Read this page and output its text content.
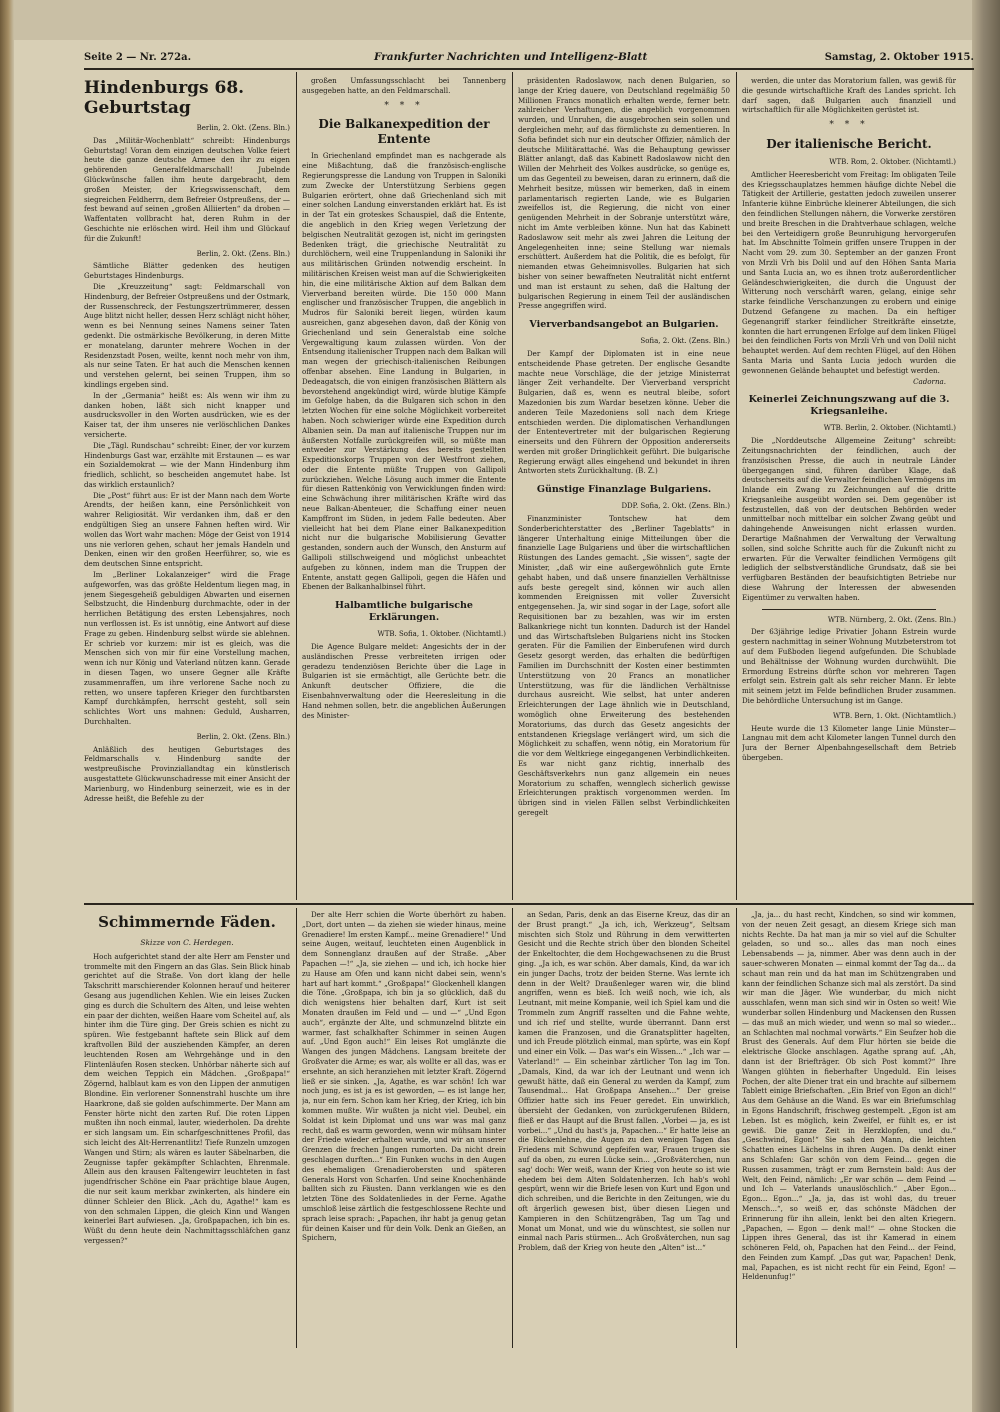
Seite 2 — Nr. 272a.	Frankfurter Nachrichten und Intelligenz-Blatt	Samstag, 2. Oktober 1915.
Hindenburgs 68. Geburtstag
Berlin, 2. Okt. (Zens. Bln.)

Das „Militär-Wochenblatt“ schreibt: Hindenburgs Geburtstag! Voran dem einzigen deutschen Volke feiert heute die ganze deutsche Armee den ihr zu eigen gehörenden Generalfeldmarschall! Jubelnde Glückwünsche fallen ihm heute dargebracht, dem großen Meister, der Kriegswissenschaft, dem siegreichen Feldherrn, dem Befreier Ostpreußens, der — fest bewand auf seinen „großen Alliierten“ da droben — Waffentaten vollbracht hat, deren Ruhm in der Geschichte nie erlöschen wird. Heil ihm und Glückauf für die Zukunft!

Berlin, 2. Okt. (Zens. Bln.)

Sämtliche Blätter gedenken des heutigen Geburtstages Hindenburgs.

Die „Kreuzzeitung“ sagt: Feldmarschall von Hindenburg, der Befreier Ostpreußens und der Ostmark, der Russenschreck, der Festungszertrümmerer, dessen Auge blitzt nicht heller, dessen Herz schlägt nicht höher, wenn es bei Nennung seines Namens seiner Taten gedenkt. Die ostmärkische Bevölkerung, in deren Mitte er monatelang, darunter mehrere Wochen in der Residenzstadt Posen, weilte, kennt noch mehr von ihm, als nur seine Taten. Er hat auch die Menschen kennen und verstehen gelernt, bei seinen Truppen, ihm so kindlings ergeben sind.

In der „Germania“ heißt es: Als wenn wir ihm zu danken hoben, läßt sich nicht knapper und ausdrucksvoller in den Worten ausdrücken, wie es der Kaiser tat, der ihm unseres nie verlöschlichen Dankes versicherte.

Die „Tägl. Rundschau“ schreibt: Einer, der vor kurzem Hindenburgs Gast war, erzählte mit Erstaunen — es war ein Sozialdemokrat — wie der Mann Hindenburg ihm friedlich, schlicht, so bescheiden angemutet habe. Ist das wirklich erstaunlich?

Die „Post“ führt aus: Er ist der Mann nach dem Worte Arendts, der heißen kann, eine Persönlichkeit von wahrer Religiosität. Wir verdanken ihm, daß er den endgültigen Sieg an unsere Fahnen heften wird. Wir wollen das Wort wahr machen: Möge der Geist von 1914 uns nie verloren gehen, schaut her jemals Handeln und Denken, einen wir den großen Heerführer, so, wie es dem deutschen Sinne entspricht.

Im „Berliner Lokalanzeiger“ wird die Frage aufgeworfen, was das größte Heldentum liegen mag, in jenem Siegesgeheiß gebuldigen Abwarten und eisernen Selbstzucht, die Hindenburg durchmachte, oder in der herrlichen Betätigung des ersten Lebensjahres, noch nun verflossen ist. Es ist unnötig, eine Antwort auf diese Frage zu geben. Hindenburg selbst würde sie ablehnen. Er schrieb vor kurzem: mir ist es gleich, was die Menschen sich von mir für eine Vorstellung machen, wenn ich nur König und Vaterland nützen kann. Gerade in diesen Tagen, wo unsere Gegner alle Kräfte zusammenraffen, um ihre verlorene Sache noch zu retten, wo unsere tapferen Krieger den furchtbarsten Kampf durchkämpfen, herrscht gesteht, soll sein schlichtes Wort uns mahnen: Geduld, Ausharren, Durchhalten.

Berlin, 2. Okt. (Zens. Bln.)

Anläßlich des heutigen Geburtstages des Feldmarschalls v. Hindenburg sandte der westpreußische Provinziallandtag ein künstlerisch ausgestattete Glückwunschadresse mit einer Ansicht der Marienburg, wo Hindenburg seinerzeit, wie es in der Adresse heißt, die Befehle zu der

großen Umfassungsschlacht bei Tannenberg ausgegeben hatte, an den Feldmarschall.

* * *
Die Balkanexpedition der Entente

In Griechenland empfindet man es nachgerade als eine Mißachtung, daß die französisch-englische Regierungspresse die Landung von Truppen in Saloniki zum Zwecke der Unterstützung Serbiens gegen Bulgarien erörtert, ohne daß Griechenland sich mit einer solchen Landung einverstanden erklärt hat. Es ist in der Tat ein groteskes Schauspiel, daß die Entente, die angeblich in den Krieg wegen Verletzung der belgischen Neutralität gezogen ist, nicht im geringsten Bedenken trägt, die griechische Neutralität zu durchlöchern, weil eine Truppenlandung in Saloniki ihr aus militärischen Gründen notwendig erscheint. In militärischen Kreisen weist man auf die Schwierigkeiten hin, die eine militärische Aktion auf dem Balkan dem Vierverband bereiten würde. Die 150 000 Mann englischer und französischer Truppen, die angeblich in Mudros für Saloniki bereit liegen, würden kaum ausreichen, ganz abgesehen davon, daß der König von Griechenland und sein Generalstab eine solche Vergewaltigung kaum zulassen würden. Von der Entsendung italienischer Truppen nach dem Balkan will man wegen der griechisch-italienischen Reibungen offenbar absehen. Eine Landung in Bulgarien, in Dedeagatsch, die von einigen französischen Blättern als bevorstehend angekündigt wird, würde blutige Kämpfe im Gefolge haben, da die Bulgaren sich schon in den letzten Wochen für eine solche Möglichkeit vorbereitet haben. Noch schwieriger würde eine Expedition durch Albanien sein. Da man auf italienische Truppen nur im äußersten Notfalle zurückgreifen will, so müßte man entweder zur Verstärkung des bereits gestellten Expeditionskorps Truppen von der Westfront ziehen, oder die Entente müßte Truppen von Gallipoli zurückziehen. Welche Lösung auch immer die Entente für diesen Rattenkönig von Verwicklungen finden wird: eine Schwächung ihrer militärischen Kräfte wird das neue Balkan-Abenteuer, die Schaffung einer neuen Kampffront im Süden, in jedem Falle bedeuten. Aber vielleicht hat bei dem Plane einer Balkanexpedition nicht nur die bulgarische Mobilisierung Gevatter gestanden, sondern auch der Wunsch, den Ansturm auf Gallipoli stillschweigend und möglichst unbeachtet aufgeben zu können, indem man die Truppen der Entente, anstatt gegen Gallipoli, gegen die Häfen und Ebenen der Balkanhalbinsel führt.

Halbamtliche bulgarische Erklärungen.
WTB. Sofia, 1. Oktober. (Nichtamtl.)

Die Agence Bulgare meldet: Angesichts der in der ausländischen Presse verbreiteten irrigen oder geradezu tendenziösen Berichte über die Lage in Bulgarien ist sie ermächtigt, alle Gerüchte betr. die Ankunft deutscher Offiziere, die die Eisenbahnverwaltung oder die Heeresleitung in die Hand nehmen sollen, betr. die angeblichen Äußerungen des Minister-

präsidenten Radoslawow, nach denen Bulgarien, so lange der Krieg dauere, von Deutschland regelmäßig 50 Millionen Francs monatlich erhalten werde, ferner betr. zahlreicher Verhaftungen, die angeblich vorgenommen wurden, und Unruhen, die ausgebrochen sein sollen und dergleichen mehr, auf das förmlichste zu dementieren. In Sofia befindet sich nur ein deutscher Offizier, nämlich der deutsche Militärattaché. Was die Behauptung gewisser Blätter anlangt, daß das Kabinett Radoslawow nicht den Willen der Mehrheit des Volkes ausdrücke, so genüge es, um das Gegenteil zu beweisen, daran zu erinnern, daß die Mehrheit besitze, müssen wir bemerken, daß in einem parlamentarisch regierten Lande, wie es Bulgarien zweifellos ist, die Regierung, die nicht von einer genügenden Mehrheit in der Sobranje unterstützt wäre, nicht im Amte verbleiben könne. Nun hat das Kabinett Radoslawow seit mehr als zwei Jahren die Leitung der Angelegenheiten inne; seine Stellung war niemals erschüttert. Außerdem hat die Politik, die es befolgt, für niemanden etwas Geheimnisvolles. Bulgarien hat sich bisher von seiner bewaffneten Neutralität nicht entfernt und man ist erstaunt zu sehen, daß die Haltung der bulgarischen Regierung in einem Teil der ausländischen Presse angegriffen wird.

Vierverbandsangebot an Bulgarien.
Sofia, 2. Okt. (Zens. Bln.)

Der Kampf der Diplomaten ist in eine neue entscheidende Phase getreten. Der englische Gesandte machte neue Vorschläge, die der jetzige Ministerrat länger Zeit verhandelte. Der Vierverband verspricht Bulgarien, daß es, wenn es neutral bleibe, sofort Mazedonien bis zum Wardar besetzen könne. Ueber die anderen Teile Mazedoniens soll nach dem Kriege entschieden werden. Die diplomatischen Verhandlungen der Ententevertreter mit der bulgarischen Regierung einerseits und den Führern der Opposition andererseits werden mit großer Dringlichkeit geführt. Die bulgarische Regierung erwägt alles eingehend und bekundet in ihren Antworten stets Zurückhaltung. (B. Z.)

Günstige Finanzlage Bulgariens.
DDP. Sofia, 2. Okt. (Zens. Bln.)

Finanzminister Tontschew hat dem Sonderberichterstatter des „Berliner Tageblatts“ in längerer Unterhaltung einige Mitteilungen über die finanzielle Lage Bulgariens und über die wirtschaftlichen Rüstungen des Landes gemacht. „Sie wissen“, sagte der Minister, „daß wir eine außergewöhnlich gute Ernte gehabt haben, und daß unsere finanziellen Verhältnisse aufs beste geregelt sind, können wir auch allen kommenden Ereignissen mit voller Zuversicht entgegensehen. Ja, wir sind sogar in der Lage, sofort alle Requisitionen bar zu bezahlen, was wir im ersten Balkankriege nicht tun konnten. Dadurch ist der Handel und das Wirtschaftsleben Bulgariens nicht ins Stocken geraten. Für die Familien der Einberufenen wird durch Gesetz gesorgt werden, das erhalten die bedürftigen Familien im Durchschnitt der Kosten einer bestimmten Unterstützung von 20 Francs an monatlicher Unterstützung, was für die ländlichen Verhältnisse durchaus ausreicht. Wie selbst, hat unter anderen Erleichterungen der Lage ähnlich wie in Deutschland, womöglich ohne Erweiterung des bestehenden Moratoriums, das durch das Gesetz angesichts der entstandenen Kriegslage verlängert wird, um sich die Möglichkeit zu schaffen, wenn nötig, ein Moratorium für die vor dem Weltkriege eingegangenen Verbindlichkeiten. Es war nicht ganz richtig, innerhalb des Geschäftsverkehrs nun ganz allgemein ein neues Moratorium zu schaffen, wennglech sicherlich gewisse Erleichterungen praktisch vorgenommen werden. Im übrigen sind in vielen Fällen selbst Verbindlichkeiten geregelt

werden, die unter das Moratorium fallen, was gewiß für die gesunde wirtschaftliche Kraft des Landes spricht. Ich darf sagen, daß Bulgarien auch finanziell und wirtschaftlich für alle Möglichkeiten gerüstet ist.

* * *
Der italienische Bericht.
WTB. Rom, 2. Oktober. (Nichtamtl.)

Amtlicher Heeresbericht vom Freitag: Im obligaten Teile des Kriegsschauplatzes hemmen häufige dichte Nebel die Tätigkeit der Artillerie, gestatten jedoch zuweilen unserer Infanterie kühne Einbrüche kleinerer Abteilungen, die sich den feindlichen Stellungen nähern, die Vorwerke zerstören und breite Breschen in die Drahtverhaue schlagen, welche bei den Verteidigern große Beunruhigung hervorgerufen hat. Im Abschnitte Tolmein griffen unsere Truppen in der Nacht vom 29. zum 30. September an der ganzen Front von Mrzli Vrh bis Dolil und auf den Höhen Santa Maria und Santa Lucia an, wo es ihnen trotz außerordentlicher Geländeschwierigkeiten, die durch die Unguust der Witterung noch verschärft waren, gelang, einige sehr starke feindliche Verschanzungen zu erobern und einige Dutzend Gefangene zu machen. Da ein heftiger Gegenangriff starker feindlicher Streitkräfte einsetzte, konnten die hart errungenen Erfolge auf dem linken Flügel bei den feindlichen Forts von Mrzli Vrh und von Dolil nicht behauptet werden. Auf dem rechten Flügel, auf den Höhen Santa Maria und Santa Lucia jedoch wurden die gewonnenen Gelände behauptet und befestigt werden.

Cadorna.
Keinerlei Zeichnungszwang auf die 3. Kriegsanleihe.
WTB. Berlin, 2. Oktober. (Nichtamtl.)

Die „Norddeutsche Allgemeine Zeitung“ schreibt: Zeitungsnachrichten der feindlichen, auch der französischen Presse, die auch in neutrale Länder übergegangen sind, führen darüber Klage, daß deutscherseits auf die Verwalter feindlichen Vermögens im Inlande ein Zwang zu Zeichnungen auf die dritte Kriegsanleihe ausgeübt worden sei. Dem gegenüber ist festzustellen, daß von der deutschen Behörden weder unmittelbar noch mittelbar ein solcher Zwang geübt und dahingehende Anweisungen nicht erlassen wurden. Derartige Maßnahmen der Verwaltung der Verwaltung sollen, sind solche Schritte auch für die Zukunft nicht zu erwarten. Für die Verwalter feindlichen Vermögens gilt lediglich der selbstverständliche Grundsatz, daß sie bei verfügbaren Beständen der beaufsichtigten Betriebe nur diese Wahrung der Interessen der abwesenden Eigentümer zu verwalten haben.

WTB. Nürnberg, 2. Okt. (Zens. Bln.)

Der 63jährige ledige Privatier Johann Estrein wurde gestern nachmittag in seiner Wohnung Mutzbeterstrom tot auf dem Fußboden liegend aufgefunden. Die Schublade und Behältnisse der Wohnung wurden durchwühlt. Die Ermordung Estreins dürfte schon vor mehreren Tagen erfolgt sein. Estrein galt als sehr reicher Mann. Er lebte mit seinem jetzt im Felde befindlichen Bruder zusammen. Die behördliche Untersuchung ist im Gange.

WTB. Bern, 1. Okt. (Nichtamtlich.)

Heute wurde die 13 Kilometer lange Linie Münster—Langnau mit dem acht Kilometer langen Tunnel durch den Jura der Berner Alpenbahngesellschaft dem Betrieb übergeben.

Schimmernde Fäden.
Skizze von C. Herdegen.

Hoch aufgerichtet stand der alte Herr am Fenster und trommelte mit den Fingern an das Glas. Sein Blick hinab gerichtet auf die Straße. Von dort klang der helle Takschritt marschierender Kolonnen herauf und heiterer Gesang aus jugendlichen Kehlen. Wie ein leises Zucken ging es durch die Schultern des Alten, und leise wehten ein paar der dichten, weißen Haare vom Scheitel auf, als hinter ihm die Türe ging. Der Greis schien es nicht zu spüren. Wie festgebannt haftete sein Blick auf dem kraftvollen Bild der ausziehenden Kämpfer, an deren leuchtenden Rosen am Wehrgehänge und in den Flintenläufen Rosen stecken. Unhörbar näherte sich auf dem weichen Teppich ein Mädchen. „Großpapa!“ Zögernd, halblaut kam es von den Lippen der anmutigen Blondine. Ein verlorener Sonnenstrahl huschte um ihre Haarkrone, daß sie golden aufschimmerte. Der Mann am Fenster hörte nicht den zarten Ruf. Die roten Lippen mußten ihn noch einmal, lauter, wiederholen. Da drehte er sich langsam um. Ein scharfgeschnittenes Profil, das sich leicht des Alt-Herrenantlitz! Tiefe Runzeln umzogen Wangen und Stirn; als wären es lauter Säbelnarben, die Zeugnisse tapfer gekämpfter Schlachten, Ehrenmale. Allein aus den krausen Faltengewirr leuchteten in fast jugendfrischer Schöne ein Paar prächtige blaue Augen, die nur seit kaum merkbar zwinkerten, als hindere ein dünner Schleier den Blick. „Ach du, Agathe!“ kam es von den schmalen Lippen, die gleich Kinn und Wangen keinerlei Bart aufwiesen. „Ja, Großpapachen, ich bin es. Wüßt du denn heute dein Nachmittagsschläfchen ganz vergessen?“

Der alte Herr schien die Worte überhört zu haben. „Dort, dort unten — da ziehen sie wieder hinaus, meine Grenadiere! Im ersten Kampf... meine Grenadiere!“ Und seine Augen, weitauf, leuchteten einen Augenblick in dem Sonnenglanz draußen auf der Straße. „Aber Papachen —!“ „Ja, sie ziehen — und ich, ich hocke hier zu Hause am Ofen und kann nicht dabei sein, wenn's hart auf hart kommt.“ „Großpapa!“ Glockenhell klangen die Töne. „Großpapa, ich bin ja so glücklich, daß du dich wenigstens hier behalten darf, Kurt ist seit Monaten draußen im Feld und — und —“ „Und Egon auch“, ergänzte der Alte, und schmunzelnd blitzte ein warmer, fast schalkhafter Schimmer in seinen Augen auf. „Und Egon auch!“ Ein leises Rot umglänzte die Wangen des jungen Mädchens. Langsam breitete der Großvater die Arme; es war, als wollte er all das, was er ersehnte, an sich heranziehen mit letzter Kraft. Zögernd ließ er sie sinken. „Ja, Agathe, es war schön! Ich war noch jung, es ist ja es ist geworden, — es ist lange her, ja, nur ein fern. Schon kam her Krieg, der Krieg, ich bin kommen mußte. Wir wußten ja nicht viel. Deubel, ein Soldat ist kein Diplomat und uns war was mal ganz recht, daß es warm geworden, wenn wir mühsam hinter der Friede wieder erhalten wurde, und wir an unserer Grenzen die frechen Jungen rumorten. Da nicht drein geschlagen durften...“ Ein Funken wuchs in den Augen des ehemaligen Grenadierobersten und späteren Generals Horst von Scharfen. Und seine Knochenhände ballten sich zu Fäusten. Dann verklangen wie es den letzten Töne des Soldatenliedes in der Ferne. Agathe umschloß leise zärtlich die festgeschlossene Rechte und sprach leise sprach: „Papachen, ihr habt ja genug getan für deinen Kaiser und für dein Volk. Denk an Gießen, an Spichern,

an Sedan, Paris, denk an das Eiserne Kreuz, das dir an der Brust prangt.“ „Ja ich, ich, Werkzeug“, Seltsam mischten sich Stolz und Rührung in dem verwitterten Gesicht und die Rechte strich über den blonden Scheitel der Enkeltochter, die dem Hochgewachsenen zu die Brust ging. „Ja ich, es war schön. Aber damals, Kind, da war ich ein junger Dachs, trotz der beiden Sterne. Was lernte ich denn in der Welt? Draußenleger waren wir, die blind angriffen, wenn es bieß. Ich weiß noch, wie ich, als Leutnant, mit meine Kompanie, weil ich Spiel kam und die Trommeln zum Angriff rasselten und die Fahne wehte, und ich rief und stellte, wurde überrannt. Dann erst kamen die Franzosen, und die Granatsplitter hagelten, und ich Freude plötzlich einmal, man spürte, was ein Kopf und einer ein Volk. — Das war's ein Wissen...“ „Ich war — Vaterland!“ — Ein scheinbar zärtlicher Ton lag im Ton. „Damals, Kind, da war ich der Leutnant und wenn ich gewußt hätte, daß ein General zu werden da Kampf, zum Tausendmal... Hat Großpapa Ansehen...“ Der greise Offizier hatte sich ins Feuer geredet. Ein unwirklich, übersieht der Gedanken, von zurückgerufenen Bildern, fließ er das Haupt auf die Brust fallen. „Vorbei — ja, es ist vorbei...“ „Und du hast's ja, Papachen...“ Er hatte leise an die Rückenlehne, die Augen zu den wenigen Tagen das Friedens mit Schwund gepfeifen war, Frauen trugen sie auf da oben, zu euren Lücke sein... „Großväterchen, nun sag' doch: Wer weiß, wann der Krieg von heute so ist wie ehedem bei dem Alten Soldatenherzen. Ich hab's wohl gespürt, wenn wir die Briefe lesen von Kurt und Egon und dich schreiben, und die Berichte in den Zeitungen, wie du oft ärgerlich gewesen bist, über diesen Liegen und Kampieren in den Schützengräben, Tag um Tag und Monat um Monat, und wie du wünschtest, sie sollen nur einmal nach Paris stürmen... Ach Großväterchen, nun sag Problem, daß der Krieg von heute den „Alten“ ist...“

„Ja, ja... du hast recht, Kindchen, so sind wir kommen, von der neuen Zeit gesagt, an diesem Kriege sich man nichts Rechte. Da hat man ja mir so viel auf die Schulter geladen, so und so... alles das man noch eines Lebensabends — ja, nimmer. Aber was denn auch in der sauer-schweren Monaten — einmal kommt der Tag da... da schaut man rein und da hat man im Schützengraben und kann der feindlichen Schanze sich mal als zerstört. Da sind wir man die Jäger. Wie wunderbar, du mich nicht ausschlafen, wenn man sich sind wir in Osten so weit! Wie wunderbar sollen Hindenburg und Mackensen den Russen — das muß an mich wieder, und wenn so mal so wieder... an Schlachten mal nochmal vorwärts.“ Ein Seufzer hob die Brust des Generals. Auf dem Flur hörten sie beide die elektrische Glocke anschlagen. Agathe sprang auf. „Ah, dann ist der Briefträger. Ob sich Post kommt?“ Ihre Wangen glühten in fieberhafter Ungeduld. Ein leises Pochen, der alte Diener trat ein und brachte auf silbernem Tablett einige Briefschaften. „Ein Brief von Egon an dich!“ Aus dem Gehäuse an die Wand. Es war ein Briefumschlag in Egons Handschrift, frischweg gestempelt. „Egon ist am Leben. Ist es möglich, kein Zweifel, er fühlt es, er ist gewiß. Die ganze Zeit in Herzklopfen, und du.“ „Geschwind, Egon!“ Sie sah den Mann, die leichten Schatten eines Lächelns in ihren Augen. Da denkt einer ans Schlafen: Gar schön von dem Feind... gegen die Russen zusammen, trägt er zum Bernstein bald: Aus der Welt, den Feind, nämlich: „Er war schön — dem Feind — und Ich — Vaterlands unauslöschlich.“ „Aber Egon... Egon... Egon...“ „Ja, ja, das ist wohl das, du treuer Mensch...“, so weiß er, das schönste Mädchen der Erinnerung für ihn allein, lenkt bei den alten Kriegern. „Papachen, — Egon — denk mal!“ — ohne Stocken die Lippen ihres General, das ist ihr Kamerad in einem schöneren Feld, oh, Papachen hat den Feind... der Feind, den Feinden zum Kampf. „Das gut war, Papachen! Denk, mal, Papachen, es ist nicht recht für ein Feind, Egon! — Heldenunfug!“
